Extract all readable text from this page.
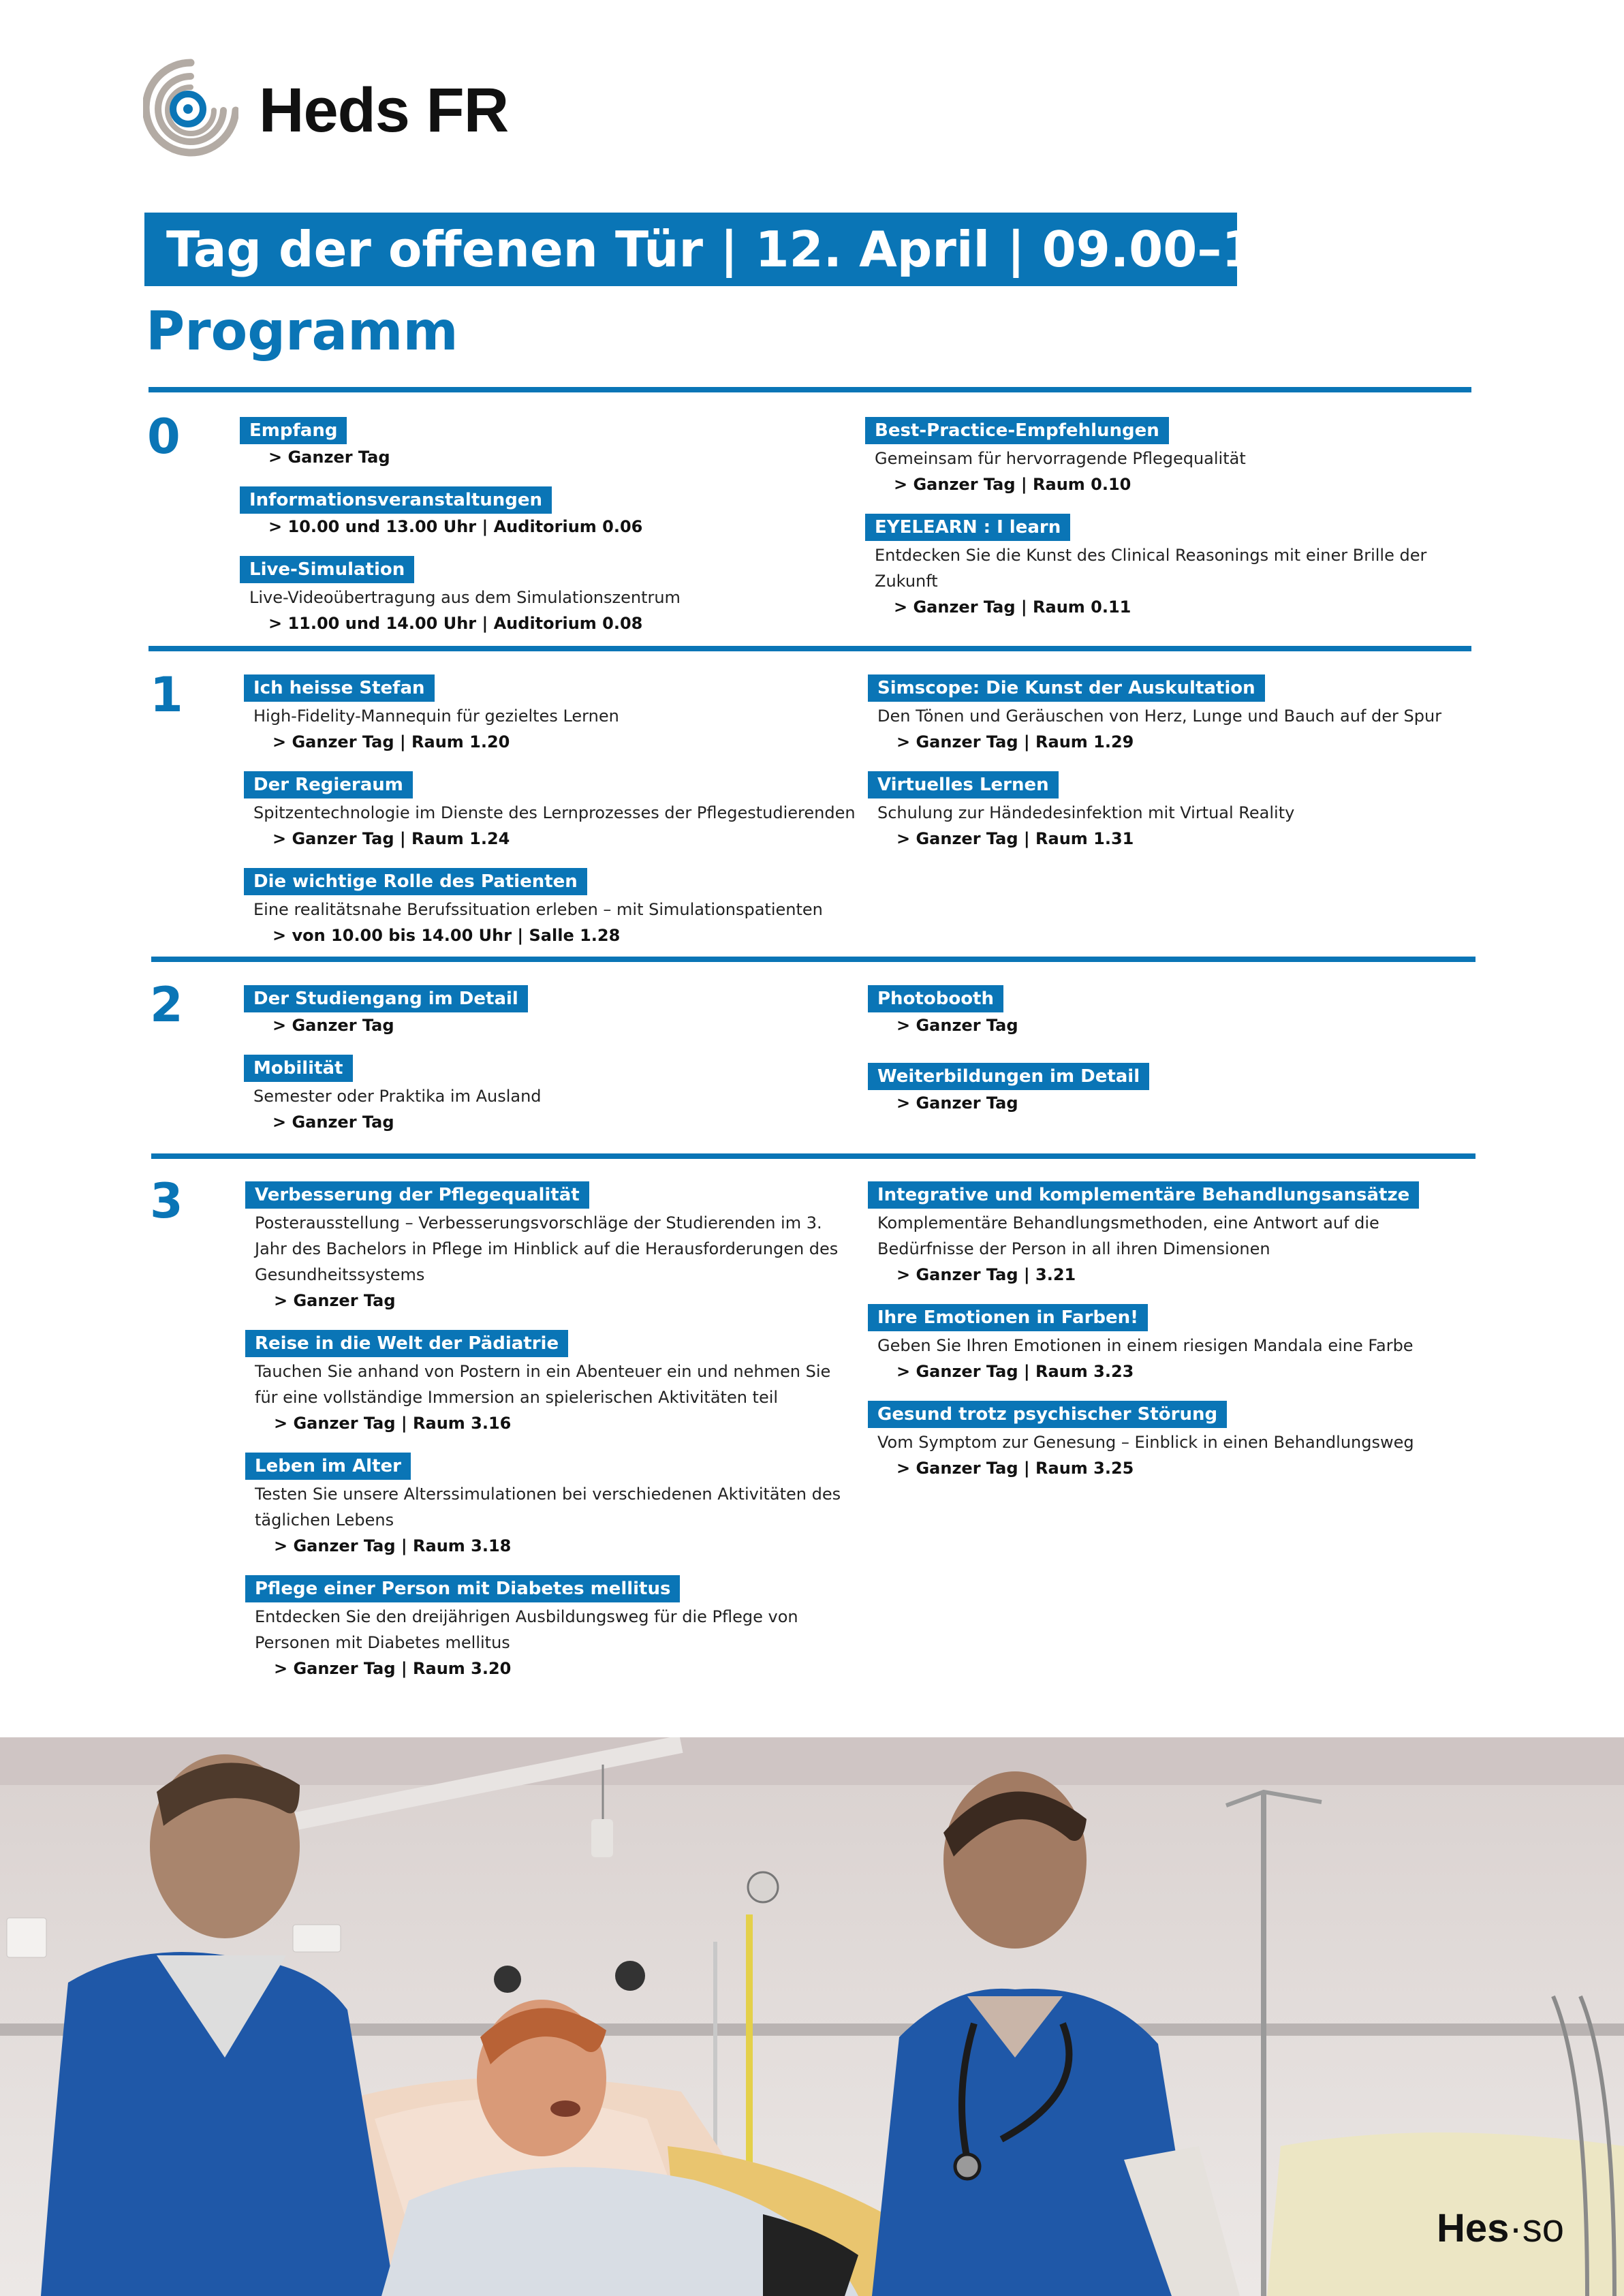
Heds FR
Tag der offenen Tür | 12. April | 09.00–15.00
Programm
0	Empfang
> Ganzer Tag
Informationsveranstaltungen
> 10.00 und 13.00 Uhr | Auditorium 0.06
Live-Simulation
Live-Videoübertragung aus dem Simulationszentrum
> 11.00 und 14.00 Uhr | Auditorium 0.08
Best-Practice-Empfehlungen
Gemeinsam für hervorragende Pflegequalität
> Ganzer Tag | Raum 0.10
EYELEARN : I learn
Entdecken Sie die Kunst des Clinical Reasonings mit einer Brille der Zukunft
> Ganzer Tag | Raum 0.11
1	Ich heisse Stefan
High-Fidelity-Mannequin für gezieltes Lernen
> Ganzer Tag | Raum 1.20
Der Regieraum
Spitzentechnologie im Dienste des Lernprozesses der Pflegestudierenden
> Ganzer Tag | Raum 1.24
Die wichtige Rolle des Patienten
Eine realitätsnahe Berufssituation erleben – mit Simulationspatienten
> von 10.00 bis 14.00 Uhr | Salle 1.28
Simscope: Die Kunst der Auskultation
Den Tönen und Geräuschen von Herz, Lunge und Bauch auf der Spur
> Ganzer Tag | Raum 1.29
Virtuelles Lernen
Schulung zur Händedesinfektion mit Virtual Reality
> Ganzer Tag | Raum 1.31
2	Der Studiengang im Detail
> Ganzer Tag
Mobilität
Semester oder Praktika im Ausland
> Ganzer Tag
Photobooth
> Ganzer Tag
Weiterbildungen im Detail
> Ganzer Tag
3	Verbesserung der Pflegequalität
Posterausstellung – Verbesserungsvorschläge der Studierenden im 3. Jahr des Bachelors in Pflege im Hinblick auf die Herausforderungen des Gesundheitssystems
> Ganzer Tag
Reise in die Welt der Pädiatrie
Tauchen Sie anhand von Postern in ein Abenteuer ein und nehmen Sie für eine vollständige Immersion an spielerischen Aktivitäten teil
> Ganzer Tag | Raum 3.16
Leben im Alter
Testen Sie unsere Alterssimulationen bei verschiedenen Aktivitäten des täglichen Lebens
> Ganzer Tag | Raum 3.18
Pflege einer Person mit Diabetes mellitus
Entdecken Sie den dreijährigen Ausbildungsweg für die Pflege von Personen mit Diabetes mellitus
> Ganzer Tag | Raum 3.20
Integrative und komplementäre Behandlungsansätze
Komplementäre Behandlungsmethoden, eine Antwort auf die Bedürfnisse der Person in all ihren Dimensionen
> Ganzer Tag | 3.21
Ihre Emotionen in Farben!
Geben Sie Ihren Emotionen in einem riesigen Mandala eine Farbe
> Ganzer Tag | Raum 3.23
Gesund trotz psychischer Störung
Vom Symptom zur Genesung – Einblick in einen Behandlungsweg
> Ganzer Tag | Raum 3.25
Hes·so
